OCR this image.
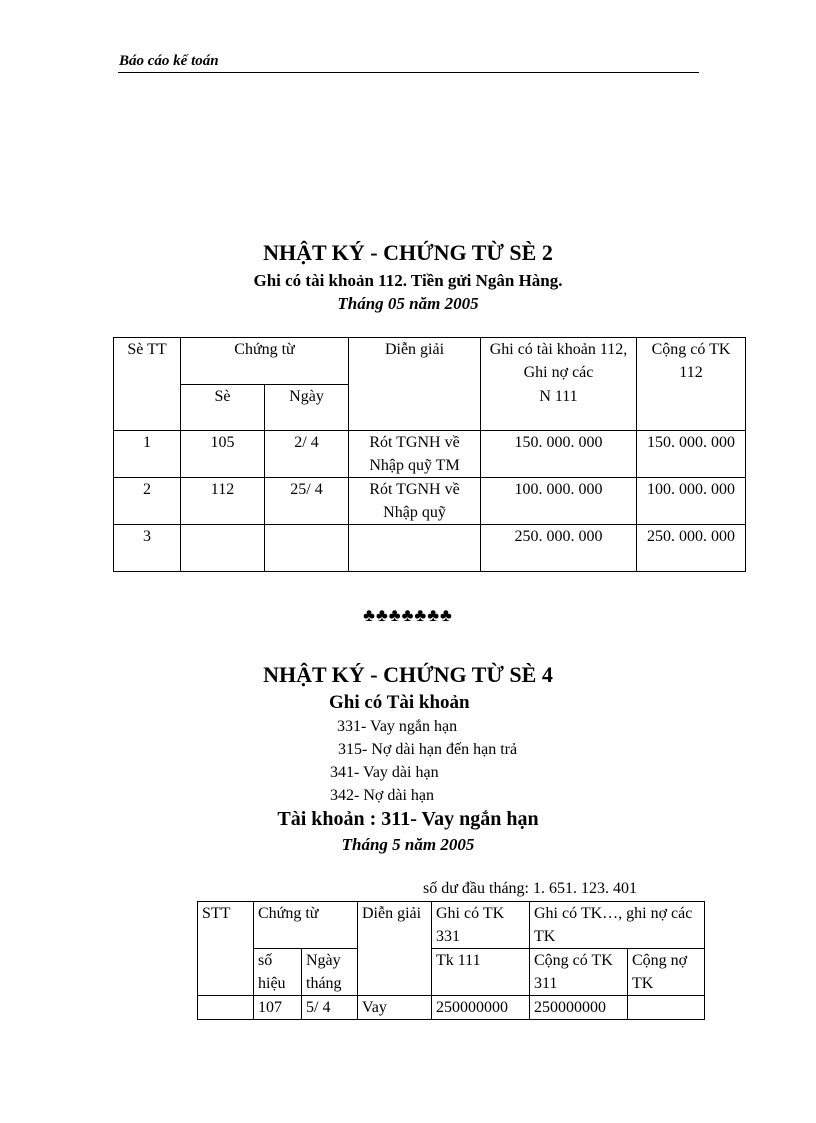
Báo cáo kế toán
NHẬT KÝ - CHỨNG TỪ SÈ 2
Ghi có tài khoản 112. Tiền gửi Ngân Hàng.
Tháng 05 năm 2005
Sè TT	Chứng từ		Diễn giải	Ghi có tài khoản 112, Ghi nợ các	Cộng có TK 112
	Sè	Ngày		N 111	
1	105	2/ 4	Rót TGNH về Nhập quỹ TM	150. 000. 000	150. 000. 000
2	112	25/ 4	Rót TGNH về Nhập quỹ	100. 000. 000	100. 000. 000
3				250. 000. 000	250. 000. 000
♣♣♣♣♣♣♣
NHẬT KÝ - CHỨNG TỪ SÈ 4
Ghi có Tài khoản
331- Vay ngắn hạn
315- Nợ dài hạn đến hạn trả
341- Vay dài hạn
342- Nợ dài hạn
Tài khoản : 311- Vay ngắn hạn
Tháng 5 năm 2005
số dư đầu tháng: 1. 651. 123. 401
STT	Chứng từ		Diễn giải	Ghi có TK 331	Ghi có TK…, ghi nợ các TK	
	số hiệu	Ngày tháng		Tk 111	Cộng có TK 311	Cộng nợ TK
	107	5/ 4	Vay	250000000	250000000	
